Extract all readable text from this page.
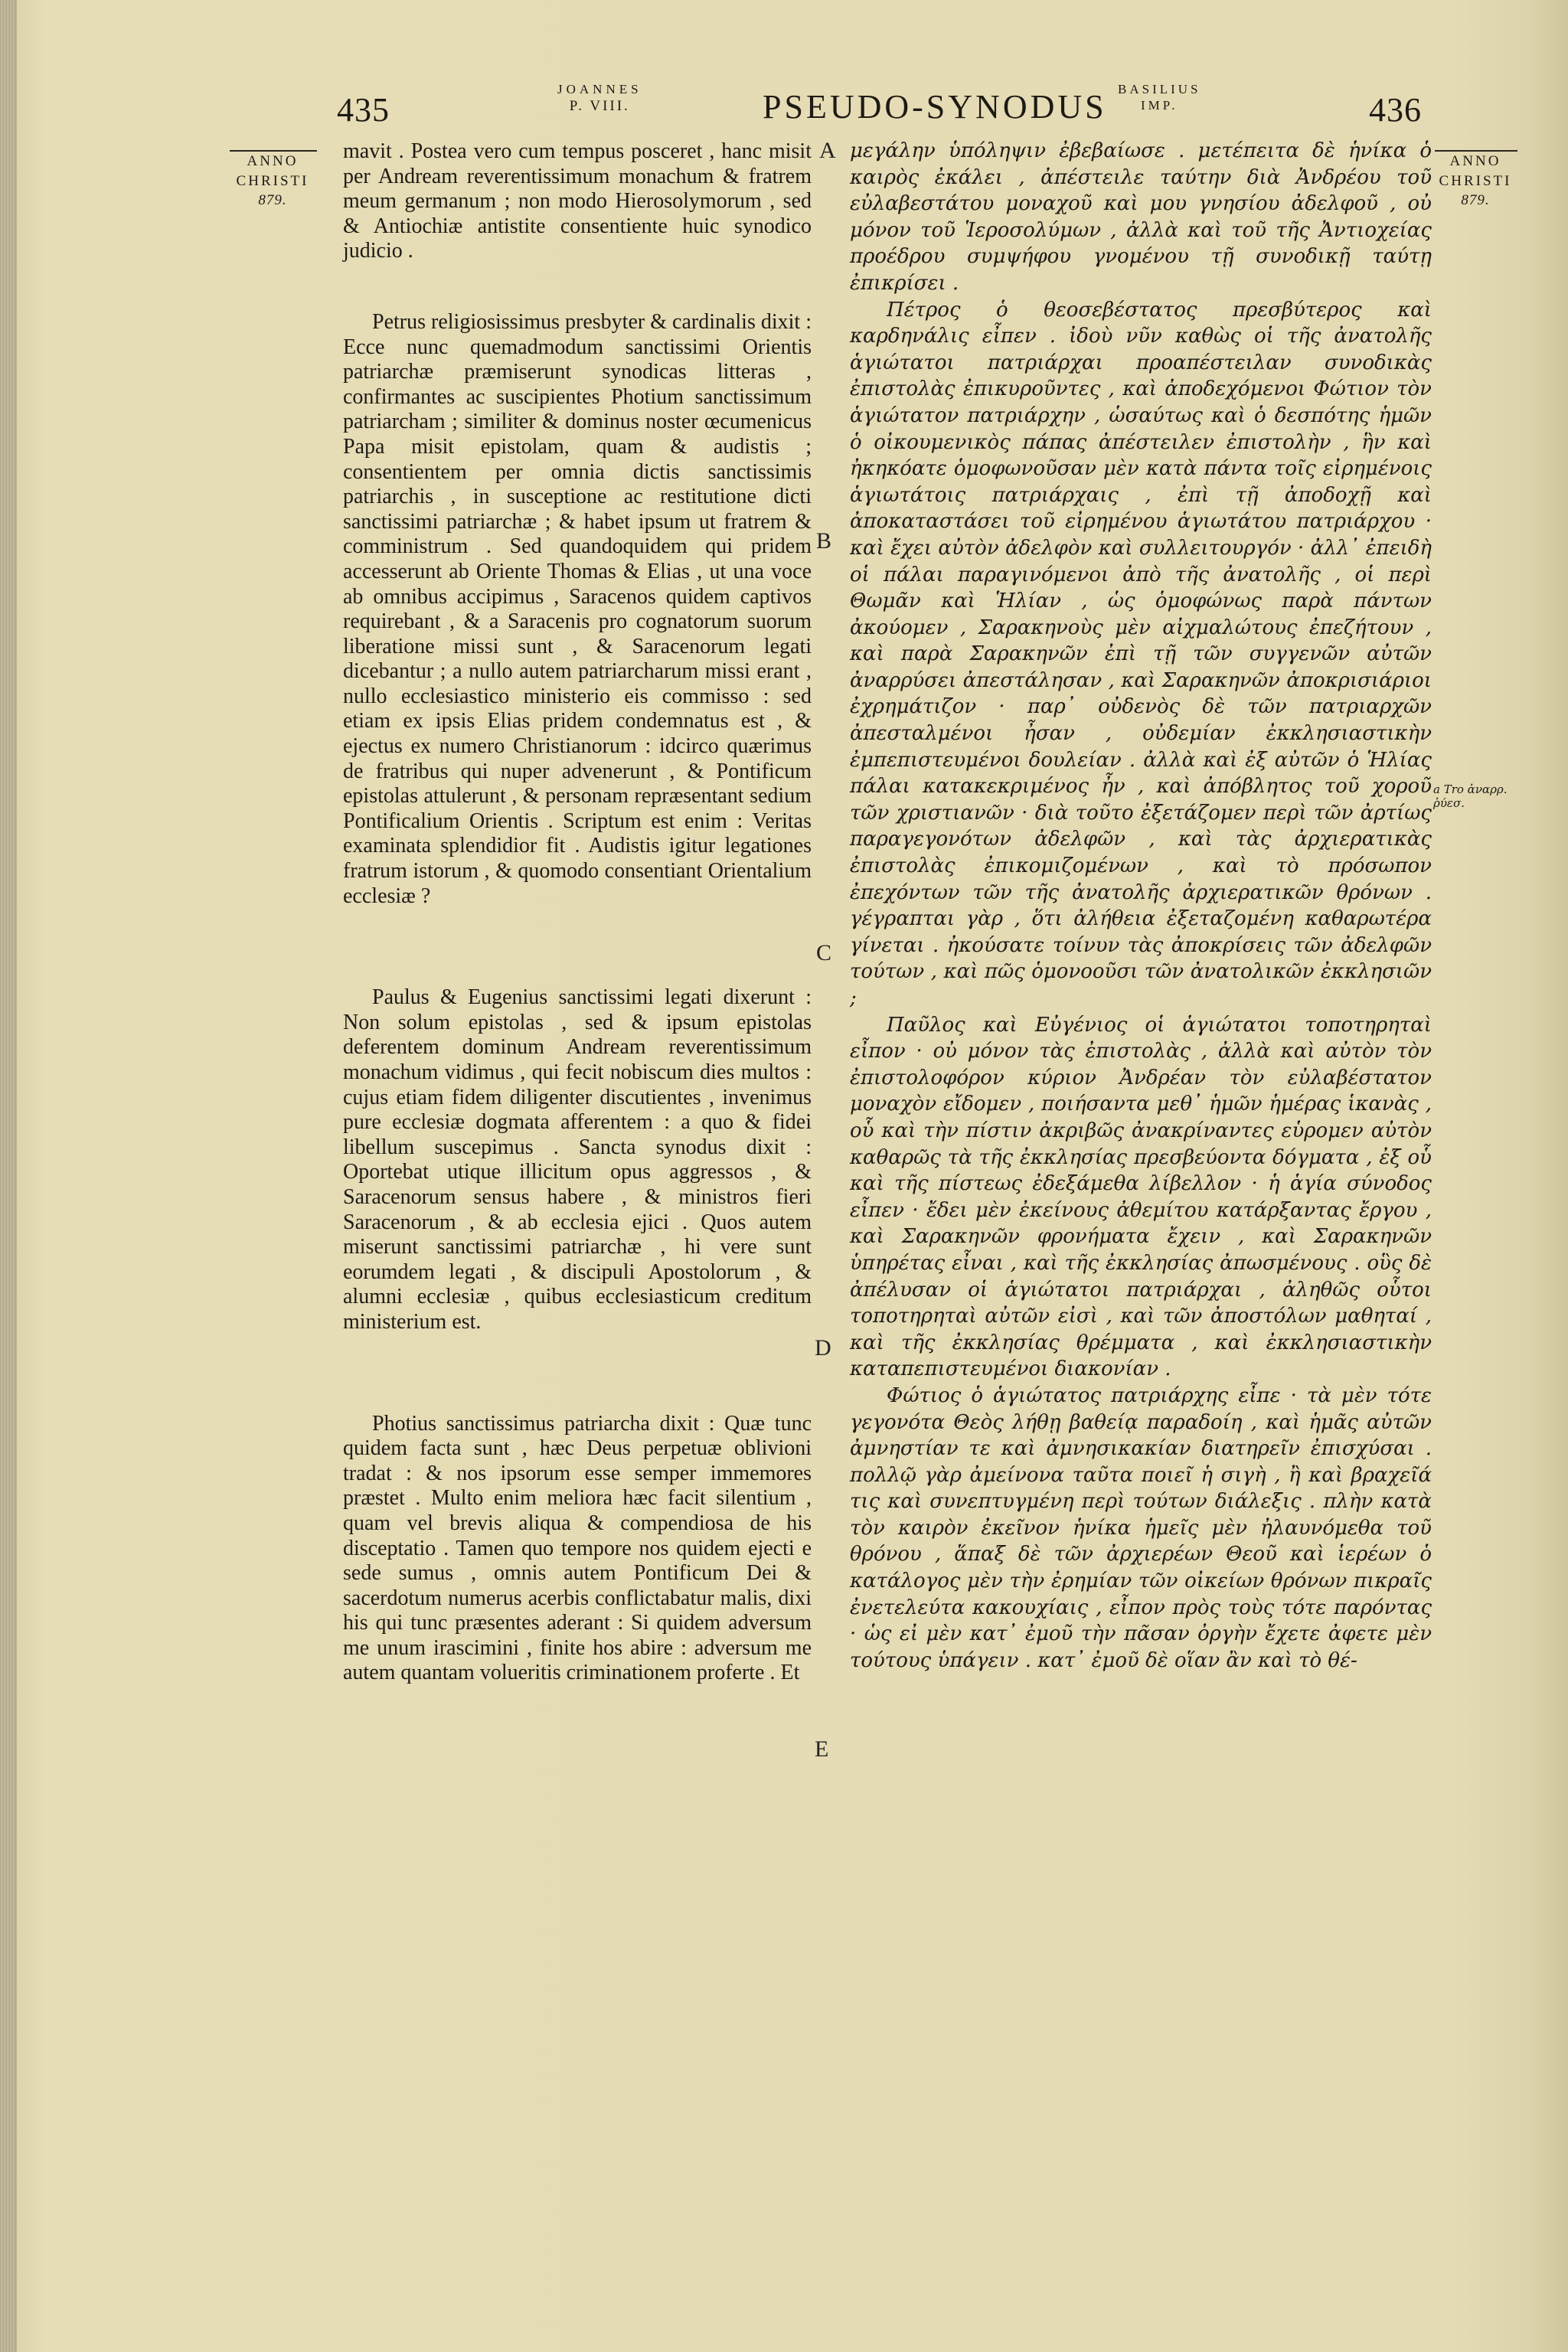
435
JOANNES
P. VIII.	PSEUDO-SYNODUS BASILIUS
IMP.	436
ANNO
CHRISTI
879.
ANNO
CHRISTI
879.
A
B
C
D
E
a Tro ἀναρρ. ῥύεσ.

mavit . Postea vero cum tempus posceret , hanc misit per Andream reverentissimum monachum & fratrem meum germanum ; non modo Hierosolymorum , sed & Antiochiæ antistite consentiente huic synodico judicio .

Petrus religiosissimus presbyter & cardinalis dixit : Ecce nunc quemadmodum sanctissimi Orientis patriarchæ præmiserunt synodicas litteras , confirmantes ac suscipientes Photium sanctissimum patriarcham ; similiter & dominus noster œcumenicus Papa misit epistolam, quam & audistis ; consentientem per omnia dictis sanctissimis patriarchis , in susceptione ac restitutione dicti sanctissimi patriarchæ ; & habet ipsum ut fratrem & comministrum . Sed quandoquidem qui pridem accesserunt ab Oriente Thomas & Elias , ut una voce ab omnibus accipimus , Saracenos quidem captivos requirebant , & a Saracenis pro cognatorum suorum liberatione missi sunt , & Saracenorum legati dicebantur ; a nullo autem patriarcharum missi erant , nullo ecclesiastico ministerio eis commisso : sed etiam ex ipsis Elias pridem condemnatus est , & ejectus ex numero Christianorum : idcirco quærimus de fratribus qui nuper advenerunt , & Pontificum epistolas attulerunt , & personam repræsentant sedium Pontificalium Orientis . Scriptum est enim : Veritas examinata splendidior fit . Audistis igitur legationes fratrum istorum , & quomodo consentiant Orientalium ecclesiæ ?

Paulus & Eugenius sanctissimi legati dixerunt : Non solum epistolas , sed & ipsum epistolas deferentem dominum Andream reverentissimum monachum vidimus , qui fecit nobiscum dies multos : cujus etiam fidem diligenter discutientes , invenimus pure ecclesiæ dogmata afferentem : a quo & fidei libellum suscepimus . Sancta synodus dixit : Oportebat utique illicitum opus aggressos , & Saracenorum sensus habere , & ministros fieri Saracenorum , & ab ecclesia ejici . Quos autem miserunt sanctissimi patriarchæ , hi vere sunt eorumdem legati , & discipuli Apostolorum , & alumni ecclesiæ , quibus ecclesiasticum creditum ministerium est.

Photius sanctissimus patriarcha dixit : Quæ tunc quidem facta sunt , hæc Deus perpetuæ oblivioni tradat : & nos ipsorum esse semper immemores præstet . Multo enim meliora hæc facit silentium , quam vel brevis aliqua & compendiosa de his disceptatio . Tamen quo tempore nos quidem ejecti e sede sumus , omnis autem Pontificum Dei & sacerdotum numerus acerbis conflictabatur malis, dixi his qui tunc præsentes aderant : Si quidem adversum me unum irascimini , finite hos abire : adversum me autem quantam volueritis criminationem proferte . Et

μεγάλην ὑπόληψιν ἐβεβαίωσε . μετέπειτα δὲ ἡνίκα ὁ καιρὸς ἐκάλει , ἀπέστειλε ταύτην διὰ Ἀνδρέου τοῦ εὐλαβεστάτου μοναχοῦ καὶ μου γνησίου ἀδελφοῦ , οὐ μόνον τοῦ Ἱεροσολύμων , ἀλλὰ καὶ τοῦ τῆς Ἀντιοχείας προέδρου συμψήφου γνομένου τῇ συνοδικῇ ταύτῃ ἐπικρίσει .

Πέτρος ὁ θεοσεβέστατος πρεσβύτερος καὶ καρδηνάλις εἶπεν . ἰδοὺ νῦν καθὼς οἱ τῆς ἀνατολῆς ἁγιώτατοι πατριάρχαι προαπέστειλαν συνοδικὰς ἐπιστολὰς ἐπικυροῦντες , καὶ ἀποδεχόμενοι Φώτιον τὸν ἁγιώτατον πατριάρχην , ὡσαύτως καὶ ὁ δεσπότης ἡμῶν ὁ οἰκουμενικὸς πάπας ἀπέστειλεν ἐπιστολὴν , ἣν καὶ ἠκηκόατε ὁμοφωνοῦσαν μὲν κατὰ πάντα τοῖς εἰρημένοις ἁγιωτάτοις πατριάρχαις , ἐπὶ τῇ ἀποδοχῇ καὶ ἀποκαταστάσει τοῦ εἰρημένου ἁγιωτάτου πατριάρχου · καὶ ἔχει αὐτὸν ἀδελφὸν καὶ συλλειτουργόν · ἀλλ᾽ ἐπειδὴ οἱ πάλαι παραγινόμενοι ἀπὸ τῆς ἀνατολῆς , οἱ περὶ Θωμᾶν καὶ Ἡλίαν , ὡς ὁμοφώνως παρὰ πάντων ἀκούομεν , Σαρακηνοὺς μὲν αἰχμαλώτους ἐπεζήτουν , καὶ παρὰ Σαρακηνῶν ἐπὶ τῇ τῶν συγγενῶν αὐτῶν ἀναρρύσει ἀπεστάλησαν , καὶ Σαρακηνῶν ἀποκρισιάριοι ἐχρημάτιζον · παρ᾽ οὐδενὸς δὲ τῶν πατριαρχῶν ἀπεσταλμένοι ἦσαν , οὐδεμίαν ἐκκλησιαστικὴν ἐμπεπιστευμένοι δουλείαν . ἀλλὰ καὶ ἐξ αὐτῶν ὁ Ἡλίας πάλαι κατακεκριμένος ἦν , καὶ ἀπόβλητος τοῦ χοροῦ τῶν χριστιανῶν · διὰ τοῦτο ἐξετάζομεν περὶ τῶν ἀρτίως παραγεγονότων ἀδελφῶν , καὶ τὰς ἀρχιερατικὰς ἐπιστολὰς ἐπικομιζομένων , καὶ τὸ πρόσωπον ἐπεχόντων τῶν τῆς ἀνατολῆς ἀρχιερατικῶν θρόνων . γέγραπται γὰρ , ὅτι ἀλήθεια ἐξεταζομένη καθαρωτέρα γίνεται . ἠκούσατε τοίνυν τὰς ἀποκρίσεις τῶν ἀδελφῶν τούτων , καὶ πῶς ὁμονοοῦσι τῶν ἀνατολικῶν ἐκκλησιῶν ;

Παῦλος καὶ Εὐγένιος οἱ ἁγιώτατοι τοποτηρηταὶ εἶπον · οὐ μόνον τὰς ἐπιστολὰς , ἀλλὰ καὶ αὐτὸν τὸν ἐπιστολοφόρον κύριον Ἀνδρέαν τὸν εὐλαβέστατον μοναχὸν εἴδομεν , ποιήσαντα μεθ᾽ ἡμῶν ἡμέρας ἱκανὰς , οὗ καὶ τὴν πίστιν ἀκριβῶς ἀνακρίναντες εὑρομεν αὐτὸν καθαρῶς τὰ τῆς ἐκκλησίας πρεσβεύοντα δόγματα , ἐξ οὗ καὶ τῆς πίστεως ἐδεξάμεθα λίβελλον · ἡ ἁγία σύνοδος εἶπεν · ἔδει μὲν ἐκείνους ἀθεμίτου κατάρξαντας ἔργου , καὶ Σαρακηνῶν φρονήματα ἔχειν , καὶ Σαρακηνῶν ὑπηρέτας εἶναι , καὶ τῆς ἐκκλησίας ἀπωσμένους . οὓς δὲ ἀπέλυσαν οἱ ἁγιώτατοι πατριάρχαι , ἀληθῶς οὗτοι τοποτηρηταὶ αὐτῶν εἰσὶ , καὶ τῶν ἀποστόλων μαθηταί , καὶ τῆς ἐκκλησίας θρέμματα , καὶ ἐκκλησιαστικὴν καταπεπιστευμένοι διακονίαν .

Φώτιος ὁ ἁγιώτατος πατριάρχης εἶπε · τὰ μὲν τότε γεγονότα Θεὸς λήθῃ βαθείᾳ παραδοίη , καὶ ἡμᾶς αὐτῶν ἀμνηστίαν τε καὶ ἀμνησικακίαν διατηρεῖν ἐπισχύσαι . πολλῷ γὰρ ἀμείνονα ταῦτα ποιεῖ ἡ σιγὴ , ἢ καὶ βραχεῖά τις καὶ συνεπτυγμένη περὶ τούτων διάλεξις . πλὴν κατὰ τὸν καιρὸν ἐκεῖνον ἡνίκα ἡμεῖς μὲν ἠλαυνόμεθα τοῦ θρόνου , ἅπαξ δὲ τῶν ἀρχιερέων Θεοῦ καὶ ἱερέων ὁ κατάλογος μὲν τὴν ἐρημίαν τῶν οἰκείων θρόνων πικραῖς ἐνετελεύτα κακουχίαις , εἶπον πρὸς τοὺς τότε παρόντας · ὡς εἰ μὲν κατ᾽ ἐμοῦ τὴν πᾶσαν ὀργὴν ἔχετε ἀφετε μὲν τούτους ὑπάγειν . κατ᾽ ἐμοῦ δὲ οἵαν ἂν καὶ τὸ θέ-
